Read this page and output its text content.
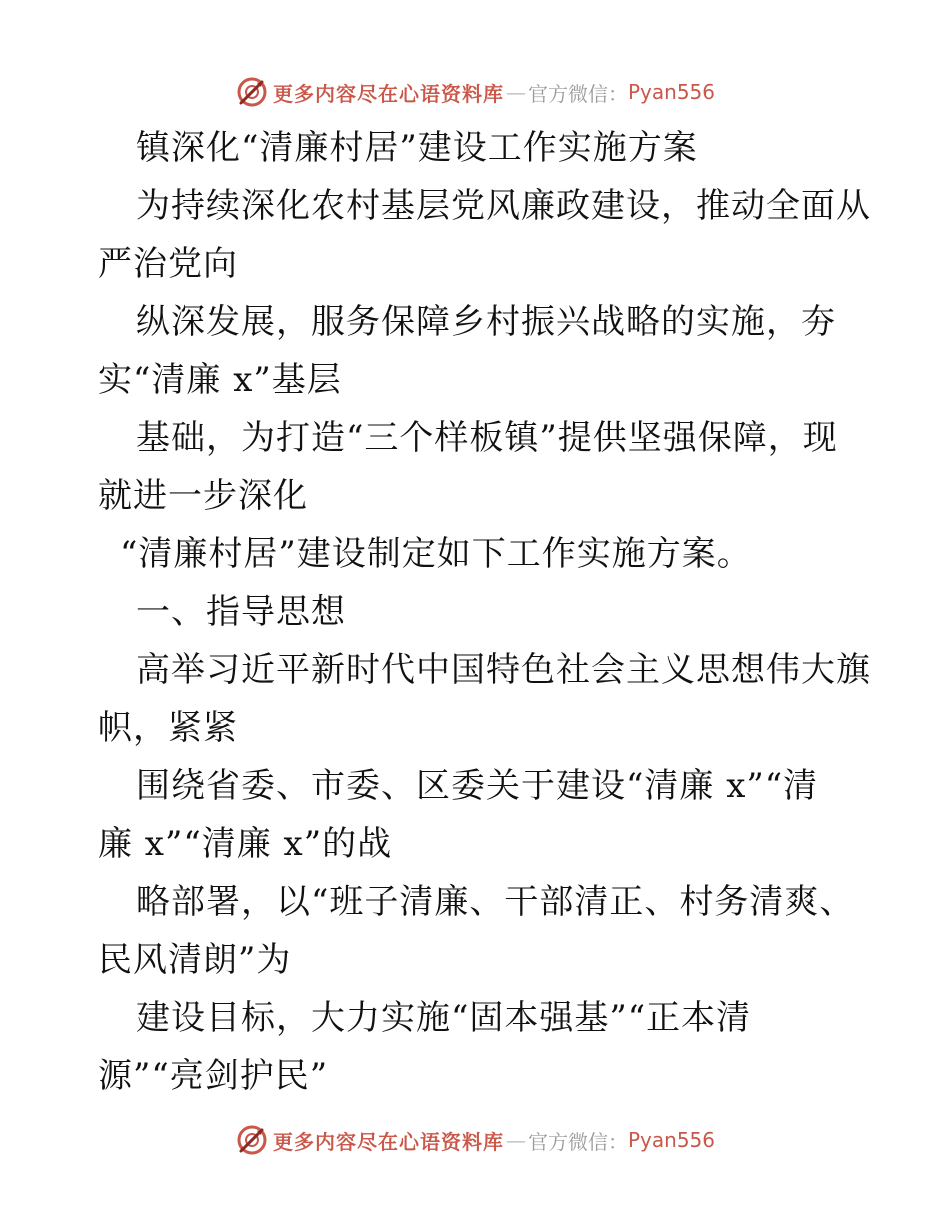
更多内容尽在心语资料库 — 官方微信： Pyan556
镇深化“清廉村居”建设工作实施方案
为持续深化农村基层党风廉政建设，推动全面从
严治党向
纵深发展，服务保障乡村振兴战略的实施，夯
实“清廉 x”基层
基础，为打造“三个样板镇”提供坚强保障，现
就进一步深化
“清廉村居”建设制定如下工作实施方案。
一、指导思想
高举习近平新时代中国特色社会主义思想伟大旗
帜，紧紧
围绕省委、市委、区委关于建设“清廉 x”“清
廉 x”“清廉 x”的战
略部署，以“班子清廉、干部清正、村务清爽、
民风清朗”为
建设目标，大力实施“固本强基”“正本清
源”“亮剑护民”
更多内容尽在心语资料库 — 官方微信： Pyan556
